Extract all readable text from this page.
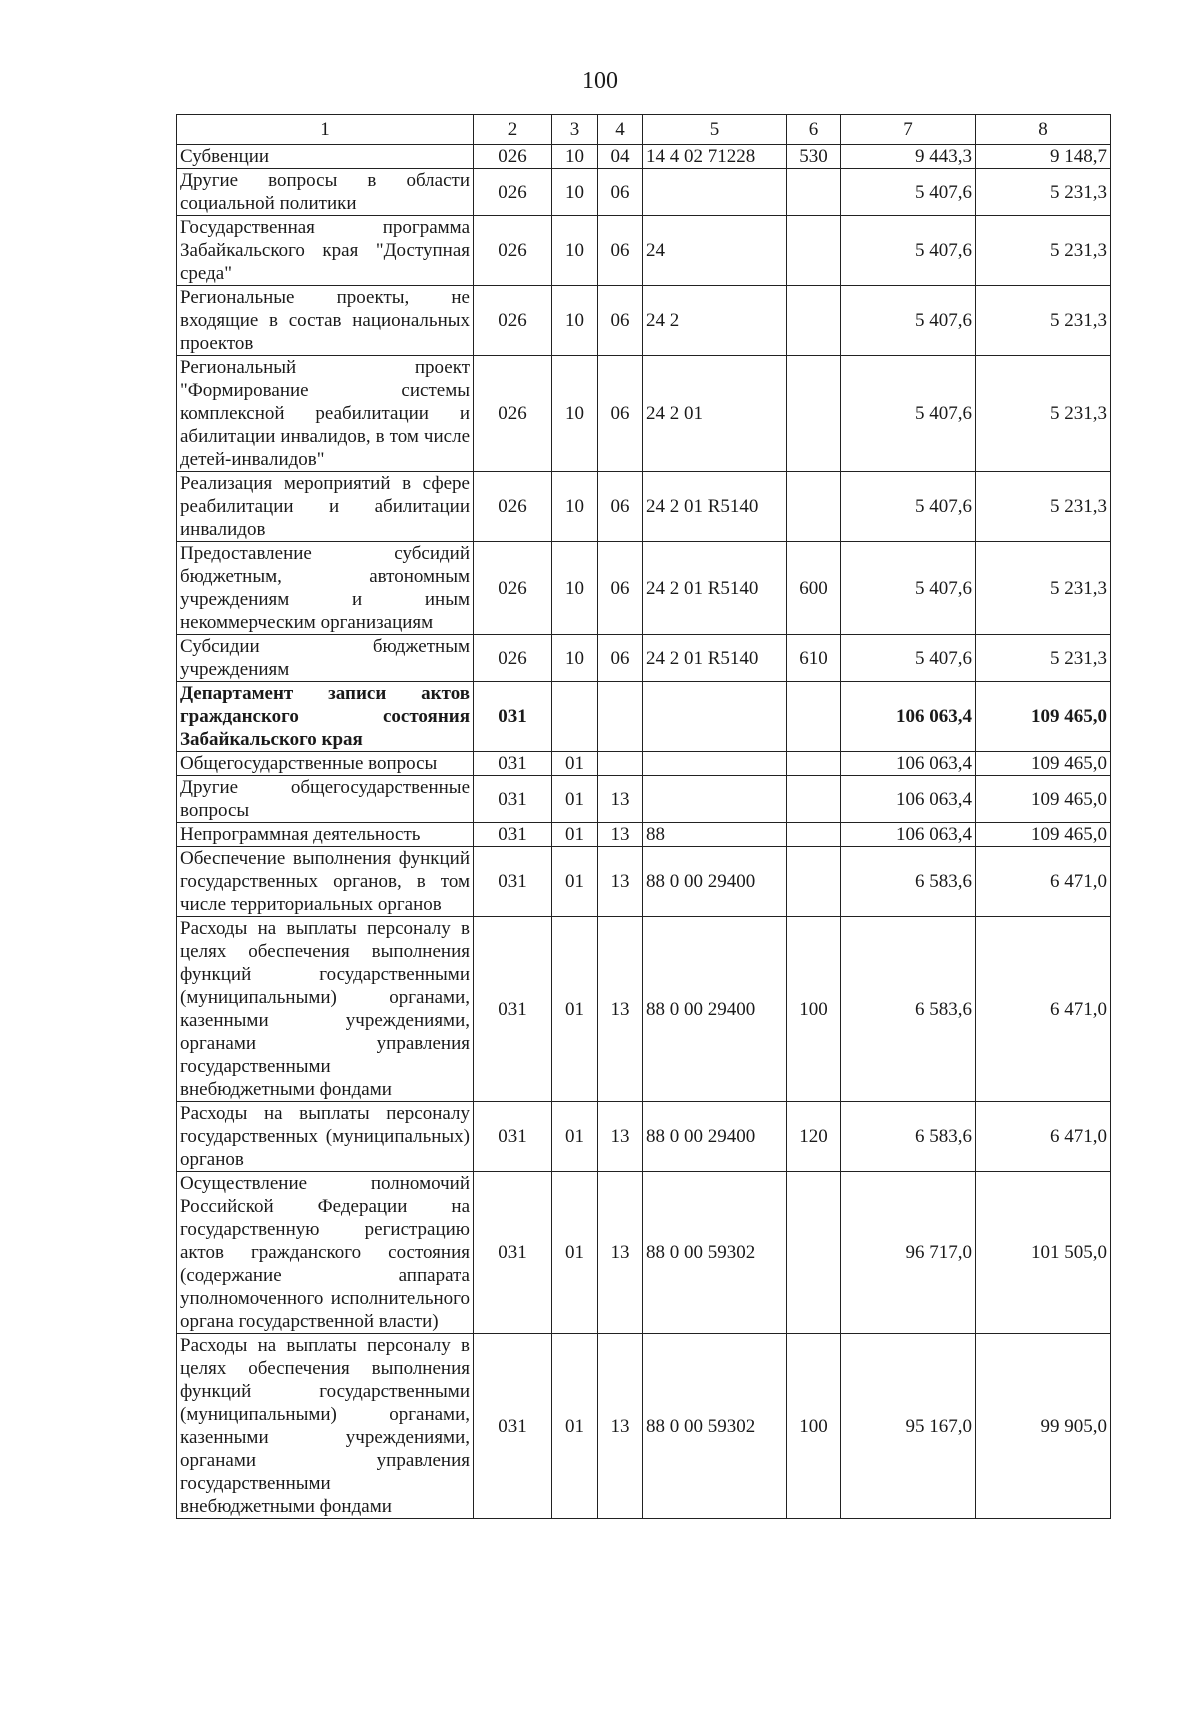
100
1	2	3	4	5	6	7	8
Субвенции	026	10	04	14 4 02 71228	530	9 443,3	9 148,7
Другие вопросы в области социальной политики	026	10	06			5 407,6	5 231,3
Государственная программа Забайкальского края "Доступная среда"	026	10	06	24		5 407,6	5 231,3
Региональные проекты, не входящие в состав национальных проектов	026	10	06	24 2		5 407,6	5 231,3
Региональный проект "Формирование системы комплексной реабилитации и абилитации инвалидов, в том числе детей-инвалидов"	026	10	06	24 2 01		5 407,6	5 231,3
Реализация мероприятий в сфере реабилитации и абилитации инвалидов	026	10	06	24 2 01 R5140		5 407,6	5 231,3
Предоставление субсидий бюджетным, автономным учреждениям и иным некоммерческим организациям	026	10	06	24 2 01 R5140	600	5 407,6	5 231,3
Субсидии бюджетным учреждениям	026	10	06	24 2 01 R5140	610	5 407,6	5 231,3
Департамент записи актов гражданского состояния Забайкальского края	031					106 063,4	109 465,0
Общегосударственные вопросы	031	01				106 063,4	109 465,0
Другие общегосударственные вопросы	031	01	13			106 063,4	109 465,0
Непрограммная деятельность	031	01	13	88		106 063,4	109 465,0
Обеспечение выполнения функций государственных органов, в том числе территориальных органов	031	01	13	88 0 00 29400		6 583,6	6 471,0
Расходы на выплаты персоналу в целях обеспечения выполнения функций государственными (муниципальными) органами, казенными учреждениями, органами управления государственными внебюджетными фондами	031	01	13	88 0 00 29400	100	6 583,6	6 471,0
Расходы на выплаты персоналу государственных (муниципальных) органов	031	01	13	88 0 00 29400	120	6 583,6	6 471,0
Осуществление полномочий Российской Федерации на государственную регистрацию актов гражданского состояния (содержание аппарата уполномоченного исполнительного органа государственной власти)	031	01	13	88 0 00 59302		96 717,0	101 505,0
Расходы на выплаты персоналу в целях обеспечения выполнения функций государственными (муниципальными) органами, казенными учреждениями, органами управления государственными внебюджетными фондами	031	01	13	88 0 00 59302	100	95 167,0	99 905,0
